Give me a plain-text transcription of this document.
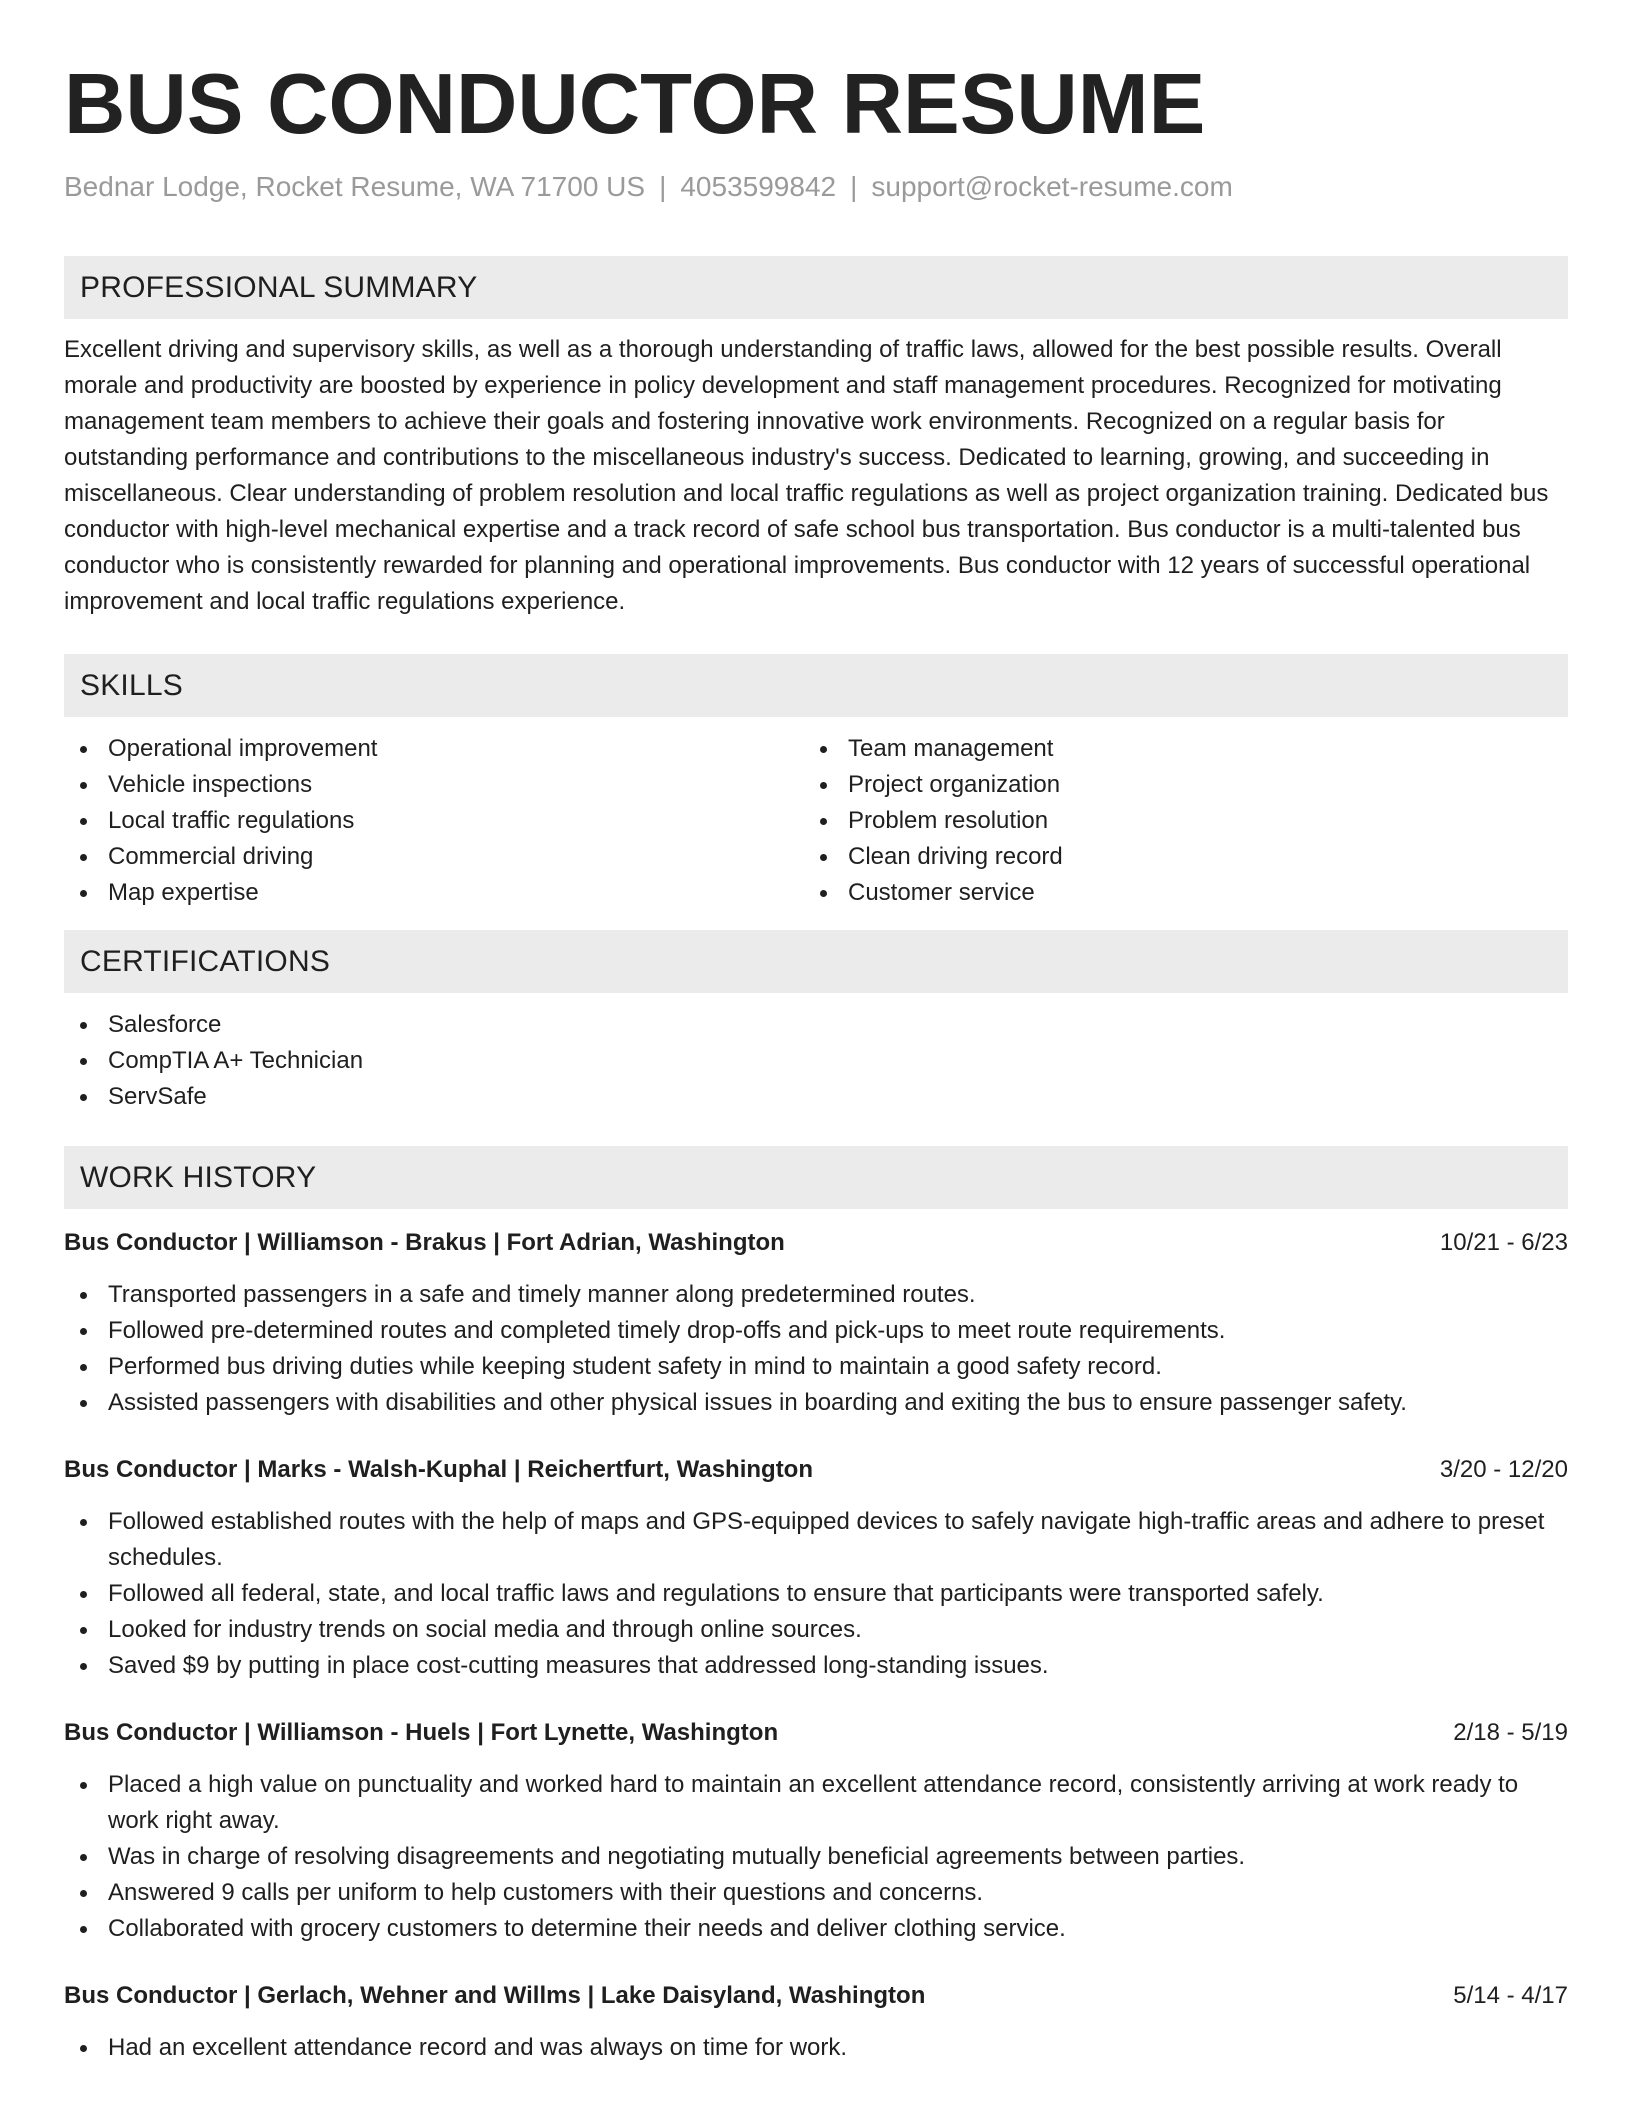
BUS CONDUCTOR RESUME
Bednar Lodge, Rocket Resume, WA 71700 US | 4053599842 | support@rocket-resume.com
PROFESSIONAL SUMMARY

Excellent driving and supervisory skills, as well as a thorough understanding of traffic laws, allowed for the best possible results. Overall morale and productivity are boosted by experience in policy development and staff management procedures. Recognized for motivating management team members to achieve their goals and fostering innovative work environments. Recognized on a regular basis for outstanding performance and contributions to the miscellaneous industry's success. Dedicated to learning, growing, and succeeding in miscellaneous. Clear understanding of problem resolution and local traffic regulations as well as project organization training. Dedicated bus conductor with high-level mechanical expertise and a track record of safe school bus transportation. Bus conductor is a multi-talented bus conductor who is consistently rewarded for planning and operational improvements. Bus conductor with 12 years of successful operational improvement and local traffic regulations experience.

SKILLS
Operational improvement
Vehicle inspections
Local traffic regulations
Commercial driving
Map expertise
Team management
Project organization
Problem resolution
Clean driving record
Customer service
CERTIFICATIONS
Salesforce
CompTIA A+ Technician
ServSafe
WORK HISTORY
Bus Conductor | Williamson - Brakus | Fort Adrian, Washington	10/21 - 6/23
Transported passengers in a safe and timely manner along predetermined routes.
Followed pre-determined routes and completed timely drop-offs and pick-ups to meet route requirements.
Performed bus driving duties while keeping student safety in mind to maintain a good safety record.
Assisted passengers with disabilities and other physical issues in boarding and exiting the bus to ensure passenger safety.
Bus Conductor | Marks - Walsh-Kuphal | Reichertfurt, Washington	3/20 - 12/20
Followed established routes with the help of maps and GPS-equipped devices to safely navigate high-traffic areas and adhere to preset schedules.
Followed all federal, state, and local traffic laws and regulations to ensure that participants were transported safely.
Looked for industry trends on social media and through online sources.
Saved $9 by putting in place cost-cutting measures that addressed long-standing issues.
Bus Conductor | Williamson - Huels | Fort Lynette, Washington	2/18 - 5/19
Placed a high value on punctuality and worked hard to maintain an excellent attendance record, consistently arriving at work ready to work right away.
Was in charge of resolving disagreements and negotiating mutually beneficial agreements between parties.
Answered 9 calls per uniform to help customers with their questions and concerns.
Collaborated with grocery customers to determine their needs and deliver clothing service.
Bus Conductor | Gerlach, Wehner and Willms | Lake Daisyland, Washington	5/14 - 4/17
Had an excellent attendance record and was always on time for work.
